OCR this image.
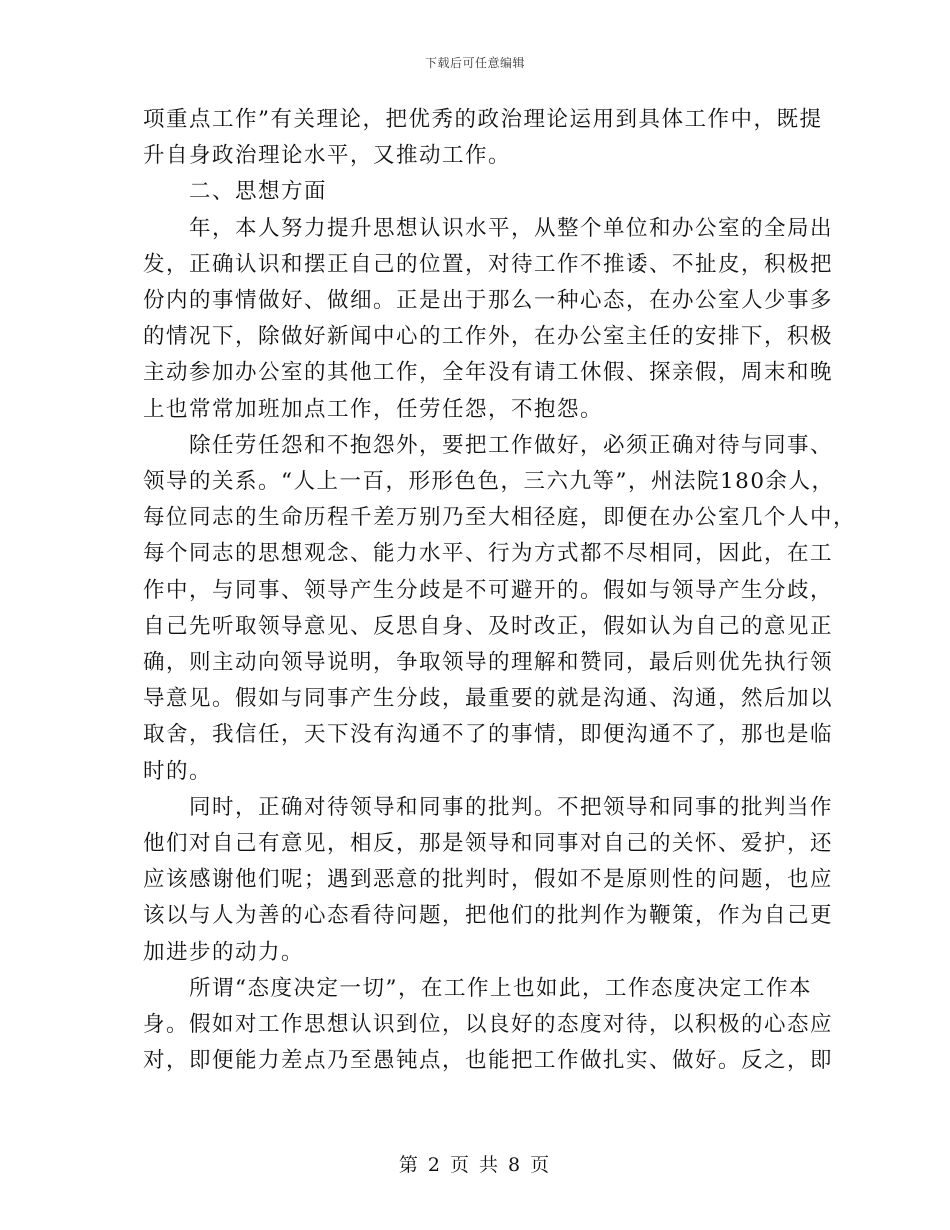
下载后可任意编辑
项重点工作”有关理论，把优秀的政治理论运用到具体工作中，既提
升自身政治理论水平，又推动工作。
二、思想方面
年，本人努力提升思想认识水平，从整个单位和办公室的全局出
发，正确认识和摆正自己的位置，对待工作不推诿、不扯皮，积极把
份内的事情做好、做细。正是出于那么一种心态，在办公室人少事多
的情况下，除做好新闻中心的工作外，在办公室主任的安排下，积极
主动参加办公室的其他工作，全年没有请工休假、探亲假，周末和晚
上也常常加班加点工作，任劳任怨，不抱怨。
除任劳任怨和不抱怨外，要把工作做好，必须正确对待与同事、
领导的关系。“人上一百，形形色色，三六九等”，州法院180余人，
每位同志的生命历程千差万别乃至大相径庭，即便在办公室几个人中，
每个同志的思想观念、能力水平、行为方式都不尽相同，因此，在工
作中，与同事、领导产生分歧是不可避开的。假如与领导产生分歧，
自己先听取领导意见、反思自身、及时改正，假如认为自己的意见正
确，则主动向领导说明，争取领导的理解和赞同，最后则优先执行领
导意见。假如与同事产生分歧，最重要的就是沟通、沟通，然后加以
取舍，我信任，天下没有沟通不了的事情，即便沟通不了，那也是临
时的。
同时，正确对待领导和同事的批判。不把领导和同事的批判当作
他们对自己有意见，相反，那是领导和同事对自己的关怀、爱护，还
应该感谢他们呢；遇到恶意的批判时，假如不是原则性的问题，也应
该以与人为善的心态看待问题，把他们的批判作为鞭策，作为自己更
加进步的动力。
所谓“态度决定一切”，在工作上也如此，工作态度决定工作本
身。假如对工作思想认识到位，以良好的态度对待，以积极的心态应
对，即便能力差点乃至愚钝点，也能把工作做扎实、做好。反之，即
第 2 页 共 8 页
